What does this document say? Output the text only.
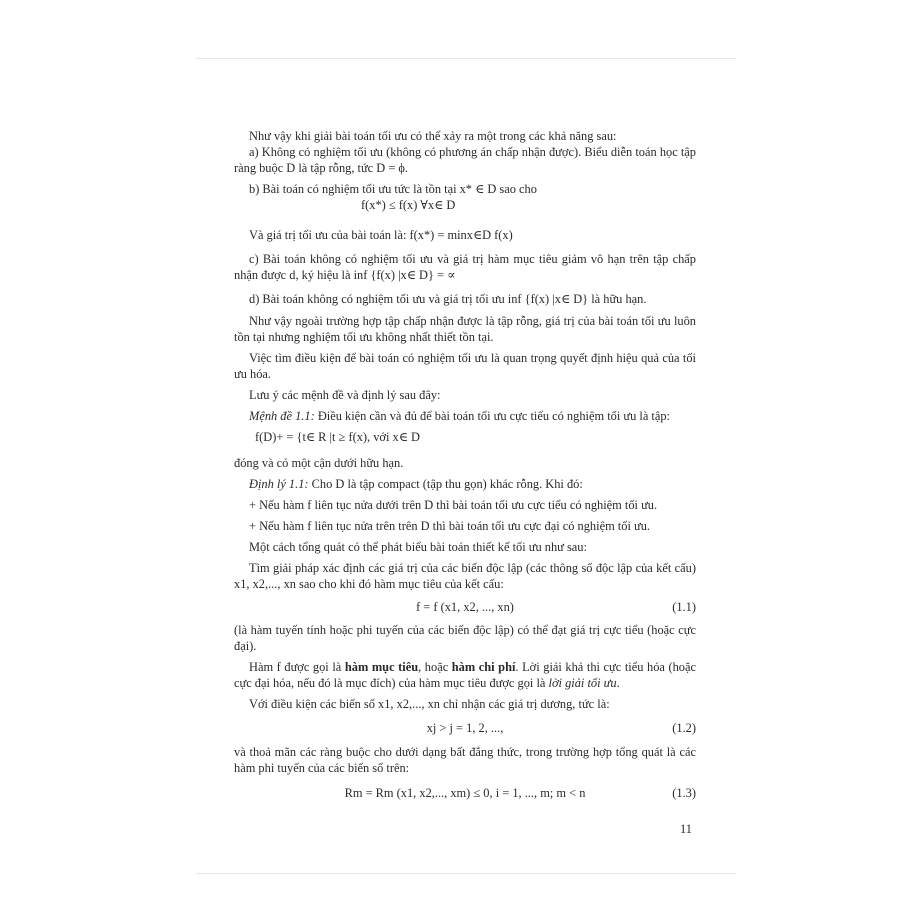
Như vậy khi giải bài toán tối ưu có thể xảy ra một trong các khả năng sau:

a) Không có nghiệm tối ưu (không có phương án chấp nhận được). Biểu diễn toán học tập ràng buộc D là tập rỗng, tức D = ϕ.

b) Bài toán có nghiệm tối ưu tức là tồn tại x* ∈ D sao cho

f(x*) ≤ f(x) ∀x∈ D

Và giá trị tối ưu của bài toán là: f(x*) = minx∈D f(x)

c) Bài toán không có nghiệm tối ưu và giá trị hàm mục tiêu giảm vô hạn trên tập chấp nhận được d, ký hiệu là inf {f(x) |x∈ D} = ∝

d) Bài toán không có nghiệm tối ưu và giá trị tối ưu inf {f(x) |x∈ D} là hữu hạn.

Như vậy ngoài trường hợp tập chấp nhận được là tập rỗng, giá trị của bài toán tối ưu luôn tồn tại nhưng nghiệm tối ưu không nhất thiết tồn tại.

Việc tìm điều kiện để bài toán có nghiệm tối ưu là quan trọng quyết định hiệu quả của tối ưu hóa.

Lưu ý các mệnh đề và định lý sau đây:

Mệnh đề 1.1: Điều kiện cần và đủ để bài toán tối ưu cực tiểu có nghiệm tối ưu là tập:

f(D)+ = {t∈ R |t ≥ f(x), với x∈ D

đóng và có một cận dưới hữu hạn.

Định lý 1.1: Cho D là tập compact (tập thu gọn) khác rỗng. Khi đó:

+ Nếu hàm f liên tục nửa dưới trên D thì bài toán tối ưu cực tiểu có nghiệm tối ưu.

+ Nếu hàm f liên tục nửa trên trên D thì bài toán tối ưu cực đại có nghiệm tối ưu.

Một cách tổng quát có thể phát biểu bài toán thiết kế tối ưu như sau:

Tìm giải pháp xác định các giá trị của các biến độc lập (các thông số độc lập của kết cấu) x1, x2,..., xn sao cho khi đó hàm mục tiêu của kết cấu:

f = f (x1, x2, ..., xn)	(1.1)

(là hàm tuyến tính hoặc phi tuyến của các biến độc lập) có thể đạt giá trị cực tiểu (hoặc cực đại).

Hàm f được gọi là hàm mục tiêu, hoặc hàm chi phí. Lời giải khả thi cực tiểu hóa (hoặc cực đại hóa, nếu đó là mục đích) của hàm mục tiêu được gọi là lời giải tối ưu.

Với điều kiện các biến số x1, x2,..., xn chỉ nhận các giá trị dương, tức là:

xj > j = 1, 2, ...,	(1.2)

và thoả mãn các ràng buộc cho dưới dạng bất đẳng thức, trong trường hợp tổng quát là các hàm phi tuyến của các biến số trên:

Rm = Rm (x1, x2,..., xm) ≤ 0, i = 1, ..., m; m < n	(1.3)
11
